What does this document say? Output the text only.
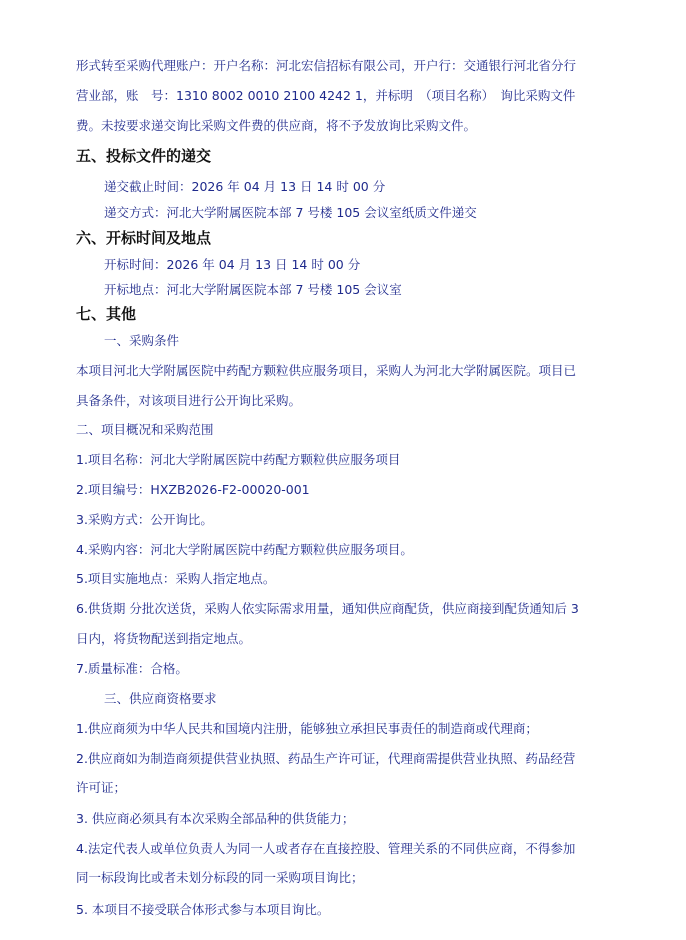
形式转至采购代理账户：开户名称：河北宏信招标有限公司，开户行：交通银行河北省分行
营业部，账　号：1310 8002 0010 2100 4242 1，并标明　（项目名称）　询比采购文件
费。未按要求递交询比采购文件费的供应商，将不予发放询比采购文件。
五、投标文件的递交
递交截止时间：2026 年 04 月 13 日 14 时 00 分
递交方式：河北大学附属医院本部 7 号楼 105 会议室纸质文件递交
六、开标时间及地点
开标时间：2026 年 04 月 13 日 14 时 00 分
开标地点：河北大学附属医院本部 7 号楼 105 会议室
七、其他
一、采购条件
本项目河北大学附属医院中药配方颗粒供应服务项目，采购人为河北大学附属医院。项目已
具备条件，对该项目进行公开询比采购。
二、项目概况和采购范围
1.项目名称：河北大学附属医院中药配方颗粒供应服务项目
2.项目编号：HXZB2026-F2-00020-001
3.采购方式：公开询比。
4.采购内容：河北大学附属医院中药配方颗粒供应服务项目。
5.项目实施地点：采购人指定地点。
6.供货期 分批次送货，采购人依实际需求用量，通知供应商配货，供应商接到配货通知后 3
日内，将货物配送到指定地点。
7.质量标准：合格。
三、供应商资格要求
1.供应商须为中华人民共和国境内注册，能够独立承担民事责任的制造商或代理商；
2.供应商如为制造商须提供营业执照、药品生产许可证，代理商需提供营业执照、药品经营
许可证；
3. 供应商必须具有本次采购全部品种的供货能力；
4.法定代表人或单位负责人为同一人或者存在直接控股、管理关系的不同供应商，不得参加
同一标段询比或者未划分标段的同一采购项目询比；
5. 本项目不接受联合体形式参与本项目询比。
